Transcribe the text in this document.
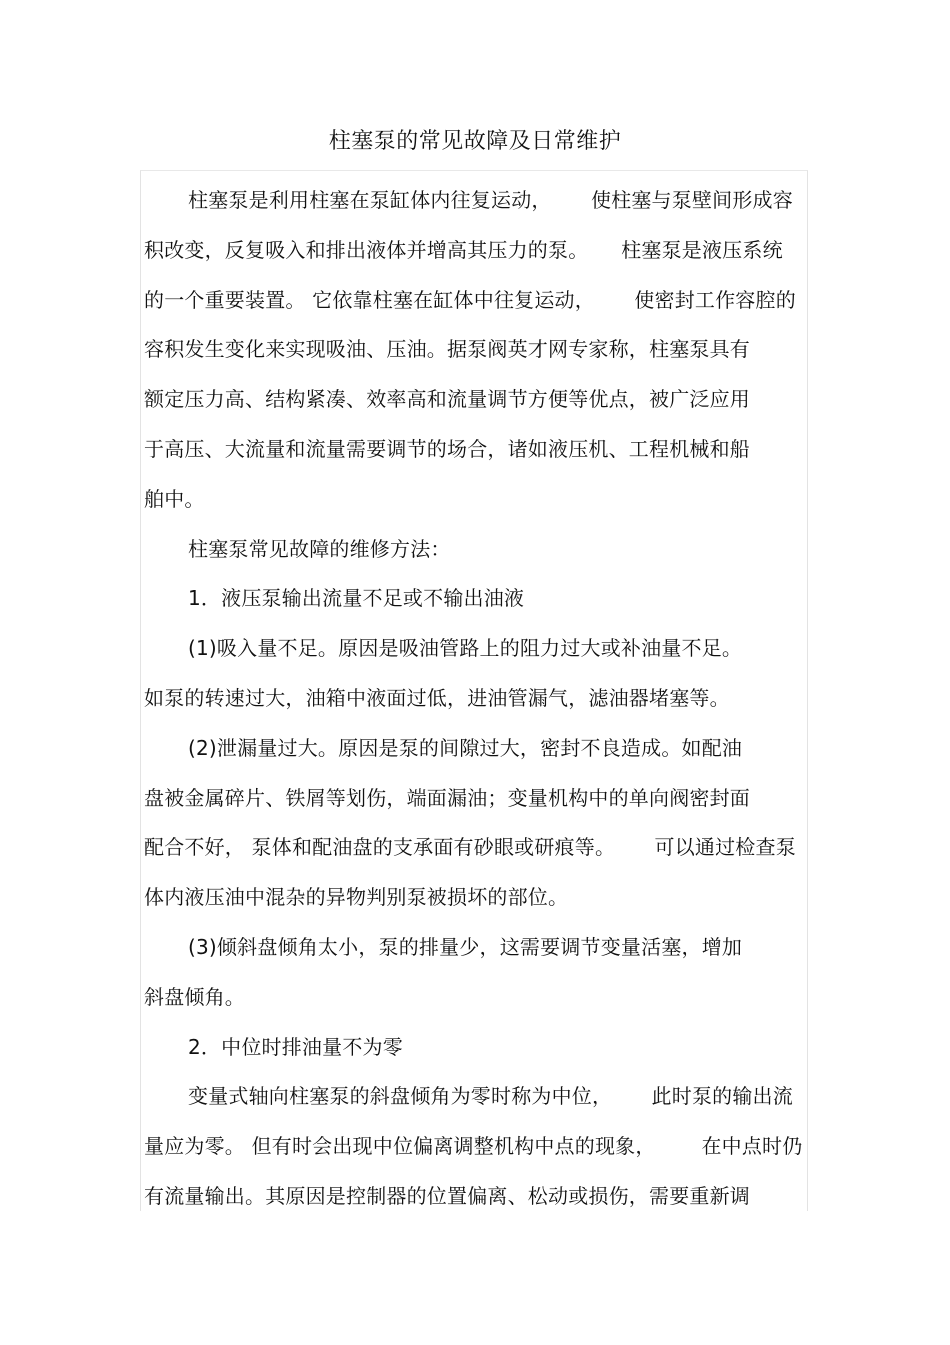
柱塞泵的常见故障及日常维护
柱塞泵是利用柱塞在泵缸体内往复运动，      使柱塞与泵壁间形成容
积改变，反复吸入和排出液体并增高其压力的泵。     柱塞泵是液压系统
的一个重要装置。 它依靠柱塞在缸体中往复运动，      使密封工作容腔的
容积发生变化来实现吸油、压油。据泵阀英才网专家称，柱塞泵具有
额定压力高、结构紧凑、效率高和流量调节方便等优点，被广泛应用
于高压、大流量和流量需要调节的场合，诸如液压机、工程机械和船
舶中。
柱塞泵常见故障的维修方法：
1．液压泵输出流量不足或不输出油液
(1)吸入量不足。原因是吸油管路上的阻力过大或补油量不足。
如泵的转速过大，油箱中液面过低，进油管漏气，滤油器堵塞等。
(2)泄漏量过大。原因是泵的间隙过大，密封不良造成。如配油
盘被金属碎片、铁屑等划伤，端面漏油；变量机构中的单向阀密封面
配合不好， 泵体和配油盘的支承面有砂眼或研痕等。      可以通过检查泵
体内液压油中混杂的异物判别泵被损坏的部位。
(3)倾斜盘倾角太小，泵的排量少，这需要调节变量活塞，增加
斜盘倾角。
2．中位时排油量不为零
变量式轴向柱塞泵的斜盘倾角为零时称为中位，      此时泵的输出流
量应为零。 但有时会出现中位偏离调整机构中点的现象，       在中点时仍
有流量输出。其原因是控制器的位置偏离、松动或损伤，需要重新调
